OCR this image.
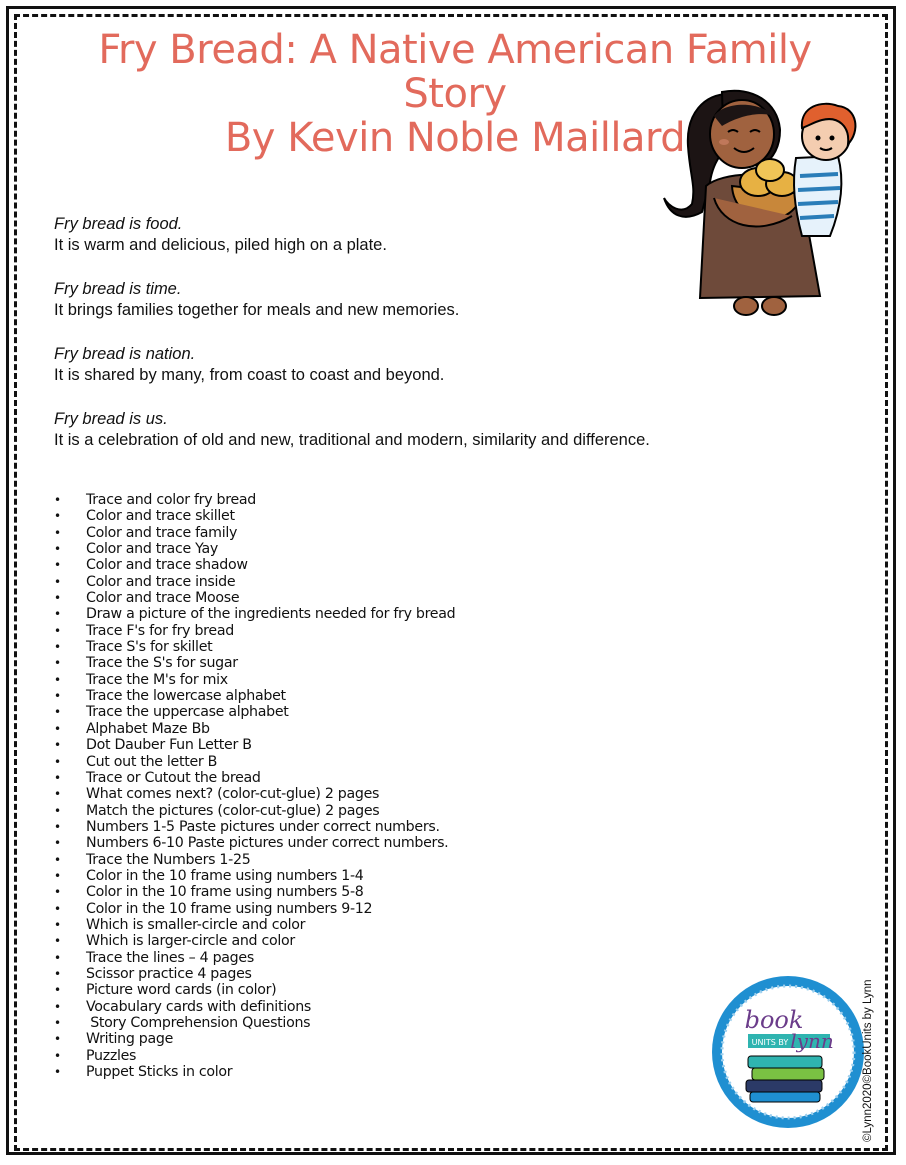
Fry Bread: A Native American Family
Story
By Kevin Noble Maillard
Fry bread is food.
It is warm and delicious, piled high on a plate.
Fry bread is time.
It brings families together for meals and new memories.
Fry bread is nation.
It is shared by many, from coast to coast and beyond.
Fry bread is us.
It is a celebration of old and new, traditional and modern, similarity and difference.
• Trace and color fry bread
• Color and trace skillet
• Color and trace family
• Color and trace Yay
• Color and trace shadow
• Color and trace inside
• Color and trace Moose
• Draw a picture of the ingredients needed for fry bread
• Trace F's for fry bread
• Trace S's for skillet
• Trace the S's for sugar
• Trace the M's for mix
• Trace the lowercase alphabet
• Trace the uppercase alphabet
• Alphabet Maze Bb
• Dot Dauber Fun Letter B
• Cut out the letter B
• Trace or Cutout the bread
• What comes next? (color-cut-glue) 2 pages
• Match the pictures (color-cut-glue) 2 pages
• Numbers 1-5 Paste pictures under correct numbers.
• Numbers 6-10 Paste pictures under correct numbers.
• Trace the Numbers 1-25
• Color in the 10 frame using numbers 1-4
• Color in the 10 frame using numbers 5-8
• Color in the 10 frame using numbers 9-12
• Which is smaller-circle and color
• Which is larger-circle and color
• Trace the lines – 4 pages
• Scissor practice 4 pages
• Picture word cards (in color)
• Vocabulary cards with definitions
• Story Comprehension Questions
• Writing page
• Puzzles
• Puppet Sticks in color
book
UNITS BY lynn ©Lynn2020©BookUnits by Lynn
